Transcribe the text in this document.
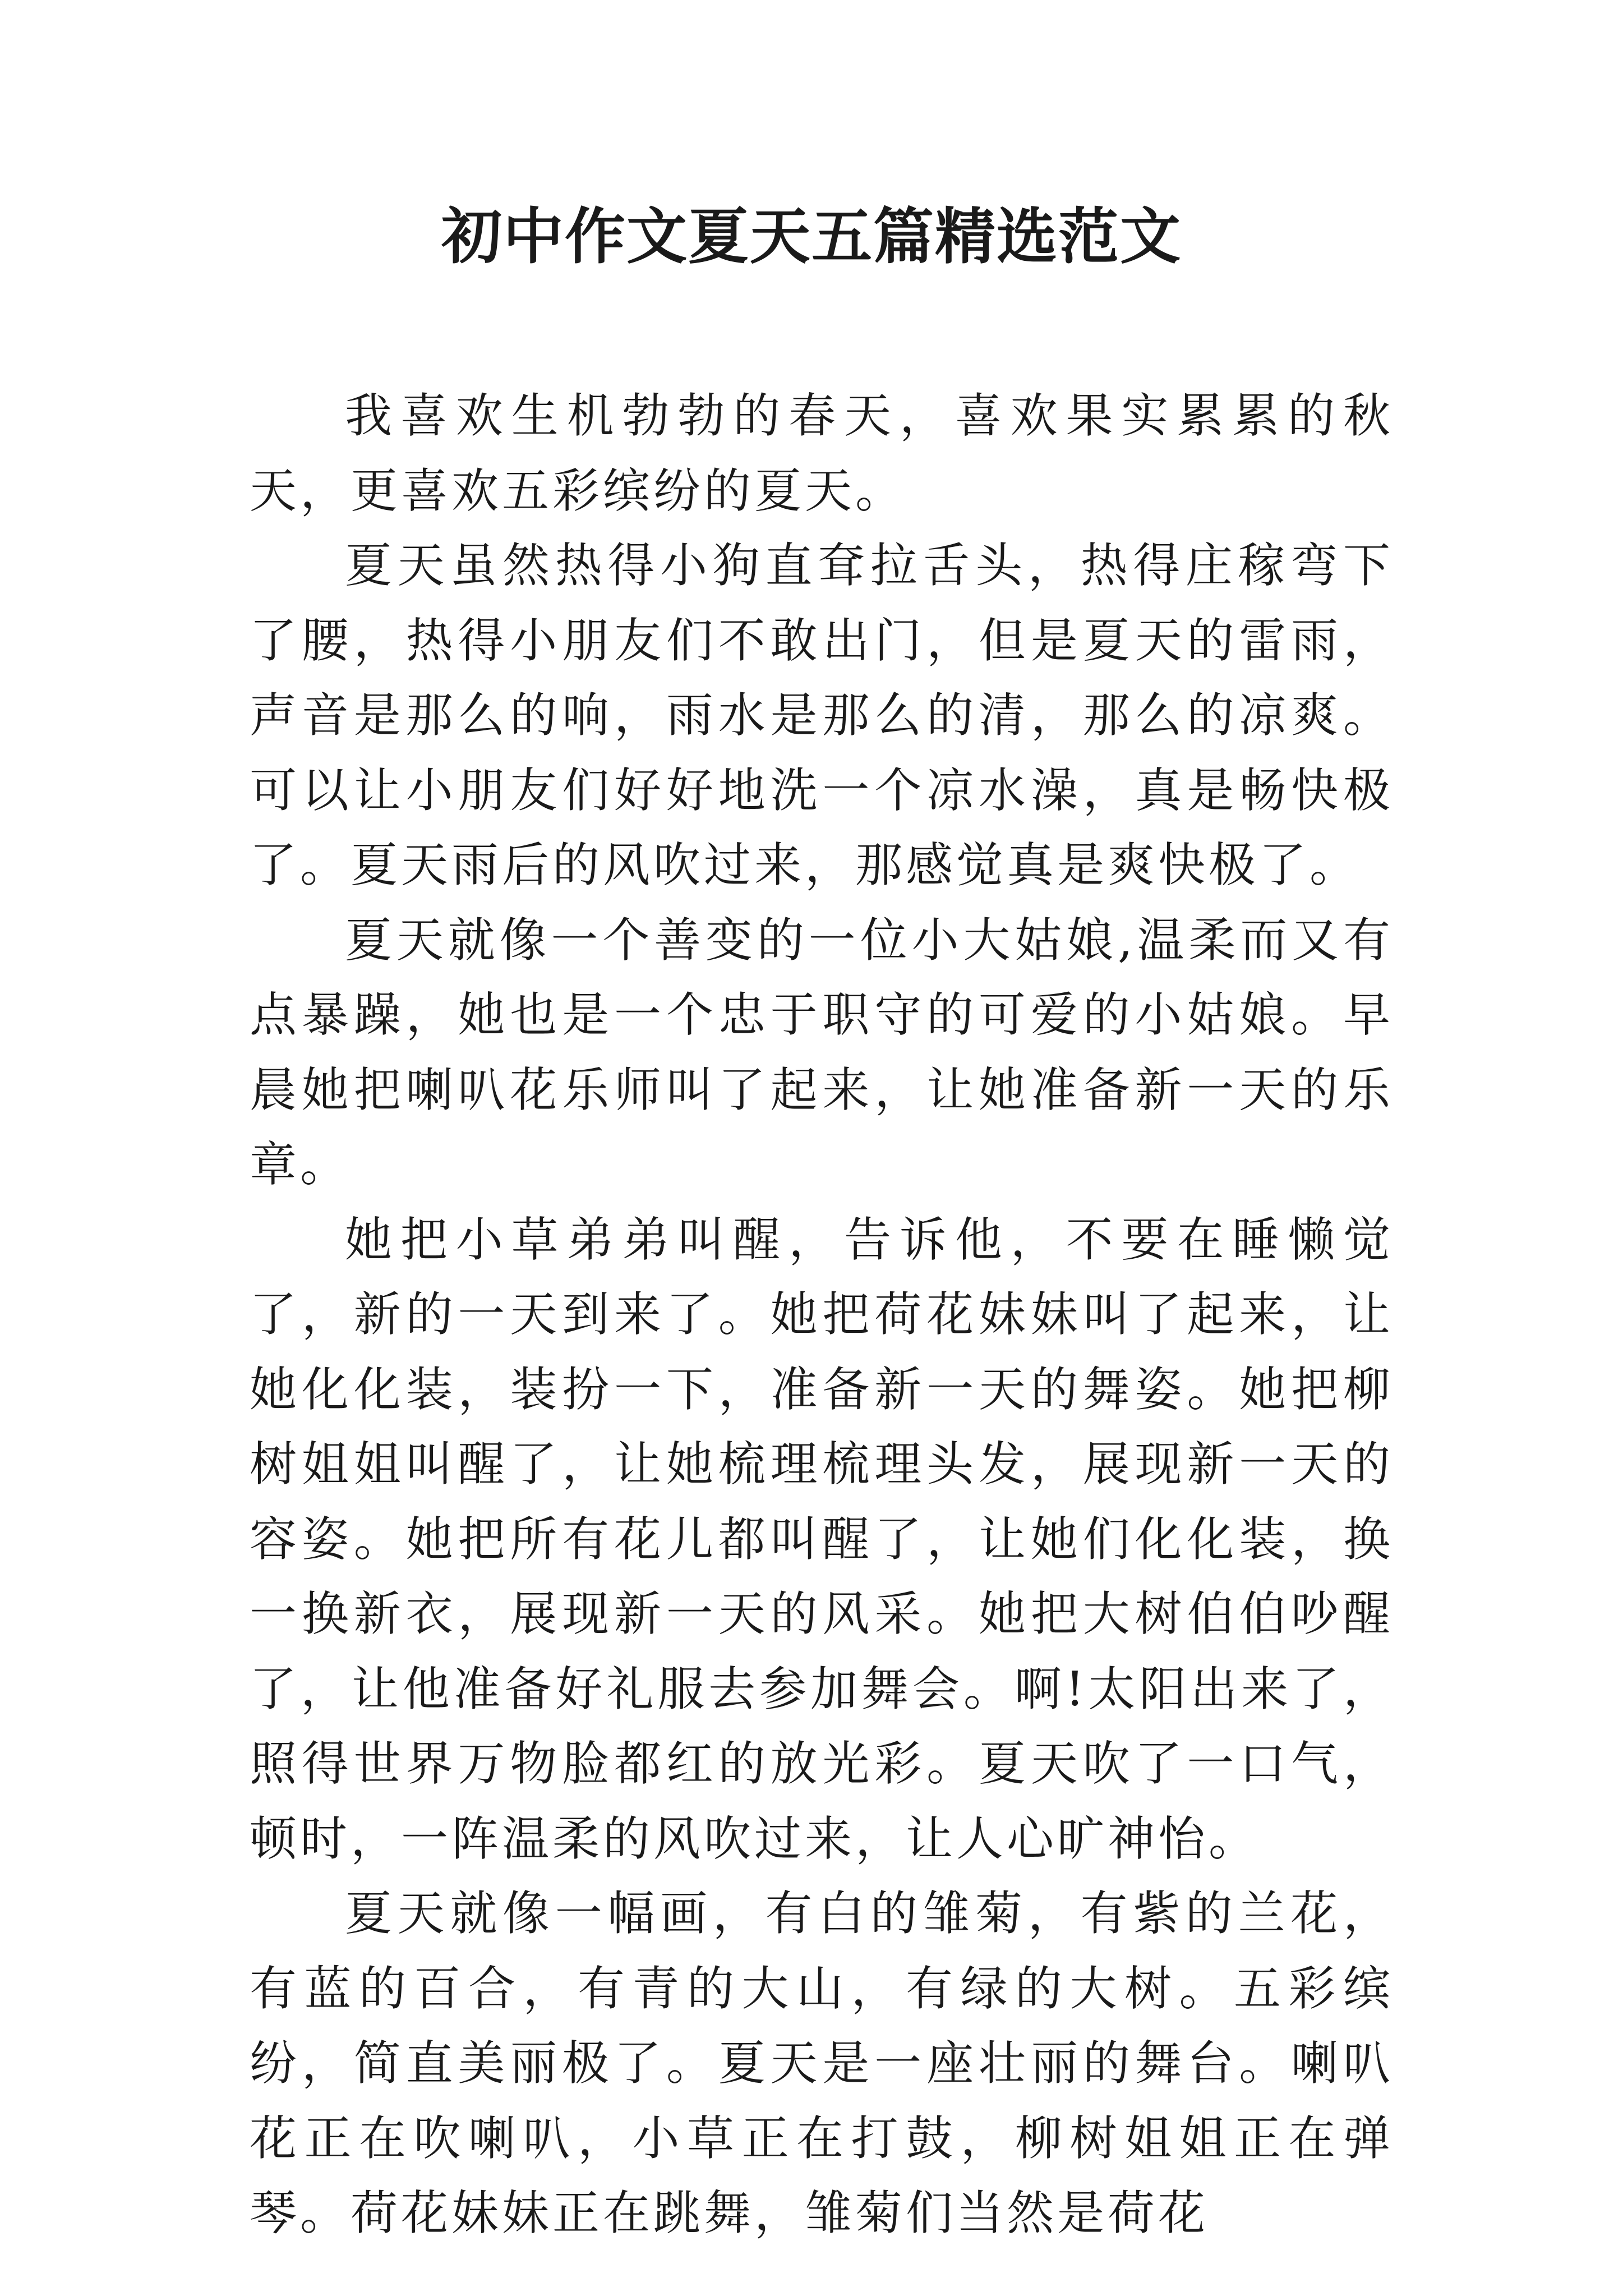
初中作文夏天五篇精选范文

我喜欢生机勃勃的春天，喜欢果实累累的秋天，更喜欢五彩缤纷的夏天。

夏天虽然热得小狗直耷拉舌头，热得庄稼弯下了腰，热得小朋友们不敢出门，但是夏天的雷雨，声音是那么的响，雨水是那么的清，那么的凉爽。可以让小朋友们好好地洗一个凉水澡，真是畅快极了。夏天雨后的风吹过来，那感觉真是爽快极了。

夏天就像一个善变的一位小大姑娘,温柔而又有点暴躁，她也是一个忠于职守的可爱的小姑娘。早晨她把喇叭花乐师叫了起来，让她准备新一天的乐章。

她把小草弟弟叫醒，告诉他，不要在睡懒觉了，新的一天到来了。她把荷花妹妹叫了起来，让她化化装，装扮一下，准备新一天的舞姿。她把柳树姐姐叫醒了，让她梳理梳理头发，展现新一天的容姿。她把所有花儿都叫醒了，让她们化化装，换一换新衣，展现新一天的风采。她把大树伯伯吵醒了，让他准备好礼服去参加舞会。啊!太阳出来了，照得世界万物脸都红的放光彩。夏天吹了一口气，顿时，一阵温柔的风吹过来，让人心旷神怡。

夏天就像一幅画，有白的雏菊，有紫的兰花，有蓝的百合，有青的大山，有绿的大树。五彩缤纷，简直美丽极了。夏天是一座壮丽的舞台。喇叭花正在吹喇叭，小草正在打鼓，柳树姐姐正在弹琴。荷花妹妹正在跳舞，雏菊们当然是荷花
